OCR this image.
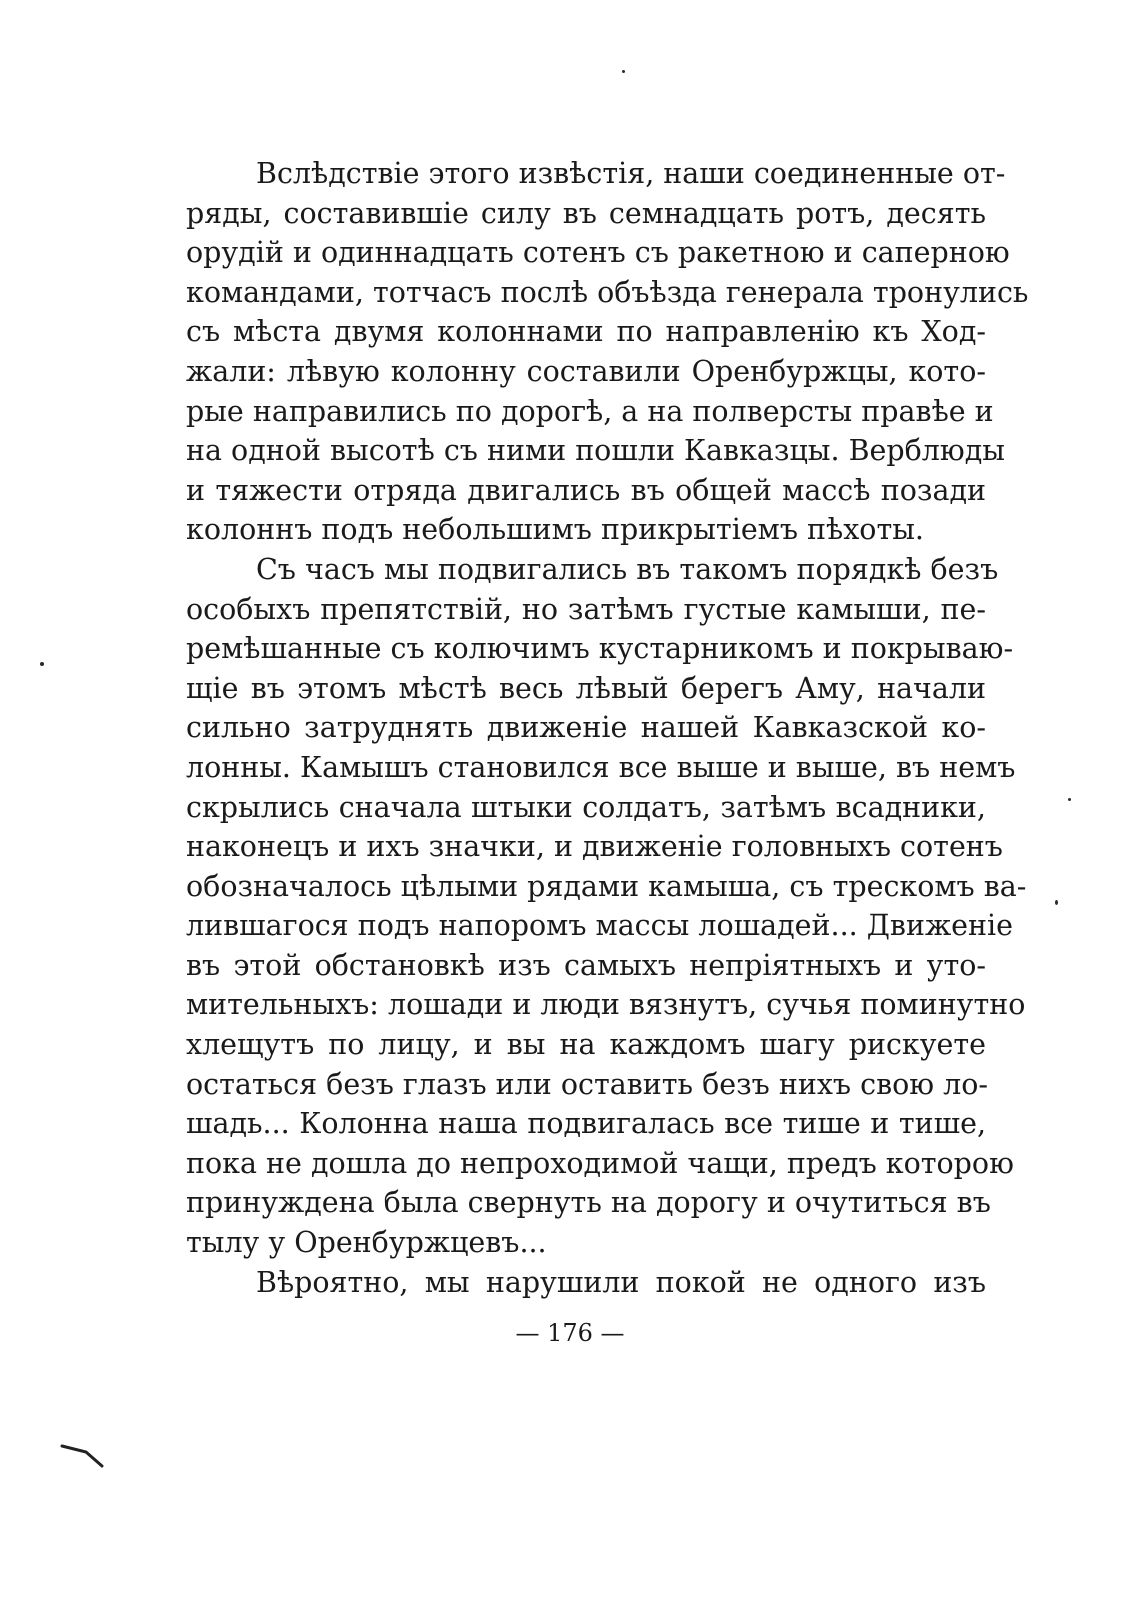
Вслѣдствіе этого извѣстія, наши соединенные от-
ряды, составившіе силу въ семнадцать ротъ, десять
орудій и одиннадцать сотенъ съ ракетною и саперною
командами, тотчасъ послѣ объѣзда генерала тронулись
съ мѣста двумя колоннами по направленію къ Ход-
жали: лѣвую колонну составили Оренбуржцы, кото-
рые направились по дорогѣ, а на полверсты правѣе и
на одной высотѣ съ ними пошли Кавказцы. Верблюды
и тяжести отряда двигались въ общей массѣ позади
колоннъ подъ небольшимъ прикрытіемъ пѣхоты.
Съ часъ мы подвигались въ такомъ порядкѣ безъ
особыхъ препятствій, но затѣмъ густые камыши, пе-
ремѣшанные съ колючимъ кустарникомъ и покрываю-
щіе въ этомъ мѣстѣ весь лѣвый берегъ Аму, начали
сильно затруднять движеніе нашей Кавказской ко-
лонны. Камышъ становился все выше и выше, въ немъ
скрылись сначала штыки солдатъ, затѣмъ всадники,
наконецъ и ихъ значки, и движеніе головныхъ сотенъ
обозначалось цѣлыми рядами камыша, съ трескомъ ва-
лившагося подъ напоромъ массы лошадей... Движеніе
въ этой обстановкѣ изъ самыхъ непріятныхъ и уто-
мительныхъ: лошади и люди вязнутъ, сучья поминутно
хлещутъ по лицу, и вы на каждомъ шагу рискуете
остаться безъ глазъ или оставить безъ нихъ свою ло-
шадь... Колонна наша подвигалась все тише и тише,
пока не дошла до непроходимой чащи, предъ которою
принуждена была свернуть на дорогу и очутиться въ
тылу у Оренбуржцевъ...
Вѣроятно, мы нарушили покой не одного изъ
— 176 —
